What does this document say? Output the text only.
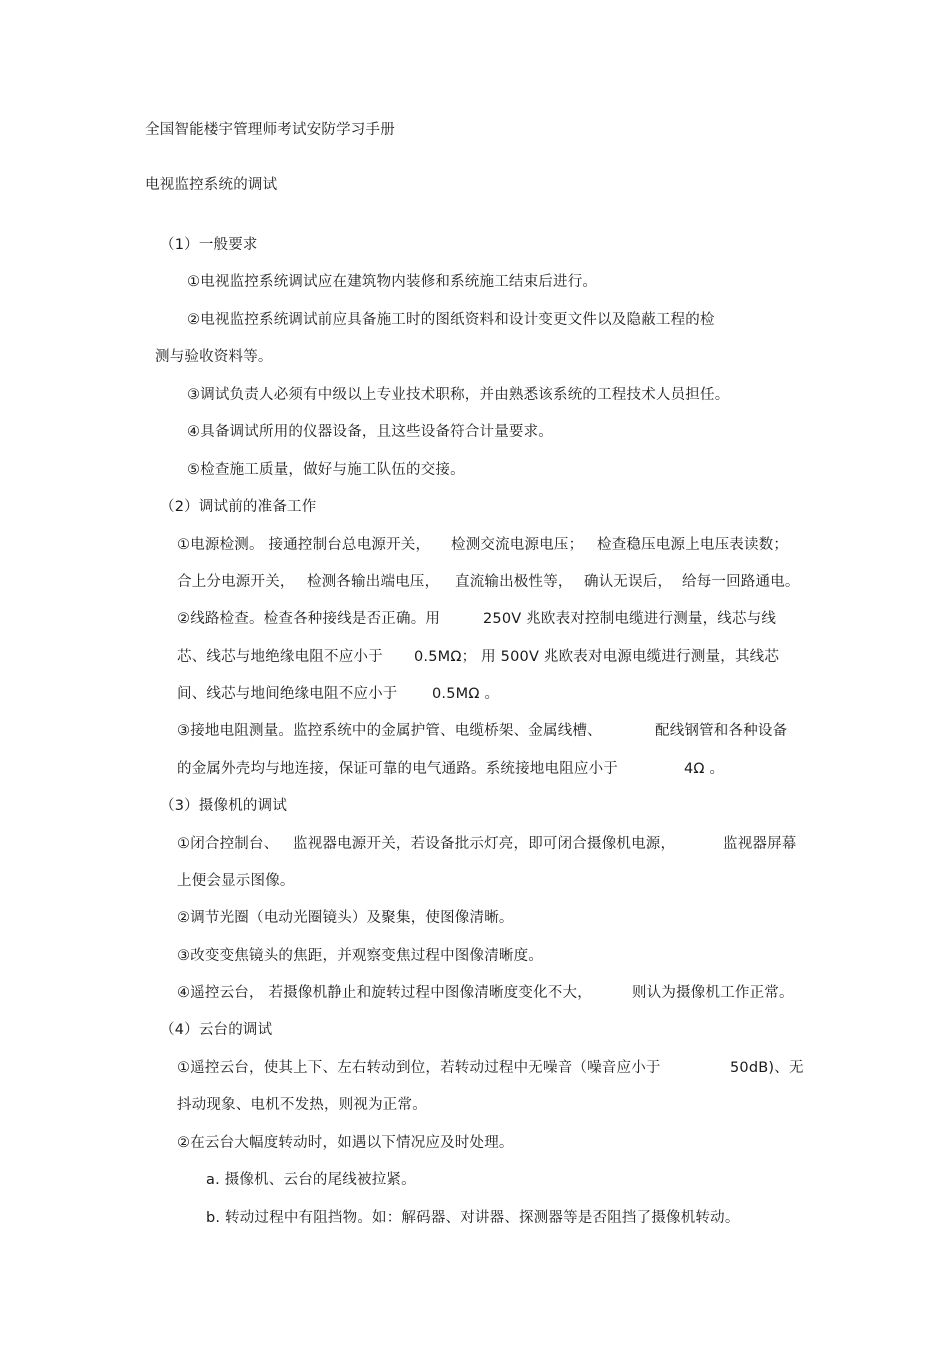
全国智能楼宇管理师考试安防学习手册
电视监控系统的调试
（1）一般要求
①电视监控系统调试应在建筑物内装修和系统施工结束后进行。
②电视监控系统调试前应具备施工时的图纸资料和设计变更文件以及隐蔽工程的检
测与验收资料等。
③调试负责人必须有中级以上专业技术职称，并由熟悉该系统的工程技术人员担任。
④具备调试所用的仪器设备，且这些设备符合计量要求。
⑤检查施工质量，做好与施工队伍的交接。
（2）调试前的准备工作
①电源检测。 接通控制台总电源开关， 检测交流电源电压； 检查稳压电源上电压表读数；
合上分电源开关， 检测各输出端电压， 直流输出极性等， 确认无误后， 给每一回路通电。
②线路检查。检查各种接线是否正确。用	250V 兆欧表对控制电缆进行测量，线芯与线
芯、线芯与地绝缘电阻不应小于 0.5MΩ； 用 500V 兆欧表对电源电缆进行测量，其线芯
间、线芯与地间绝缘电阻不应小于 0.5MΩ 。
③接地电阻测量。监控系统中的金属护管、电缆桥架、金属线槽、	配线钢管和各种设备
的金属外壳均与地连接，保证可靠的电气通路。系统接地电阻应小于	4Ω 。
（3）摄像机的调试
①闭合控制台、 监视器电源开关，若设备批示灯亮，即可闭合摄像机电源，	监视器屏幕
上便会显示图像。
②调节光圈（电动光圈镜头）及聚集，使图像清晰。
③改变变焦镜头的焦距，并观察变焦过程中图像清晰度。
④遥控云台， 若摄像机静止和旋转过程中图像清晰度变化不大，	则认为摄像机工作正常。
（4）云台的调试
①遥控云台，使其上下、左右转动到位，若转动过程中无噪音（噪音应小于	50dB)、无
抖动现象、电机不发热，则视为正常。
②在云台大幅度转动时，如遇以下情况应及时处理。
a. 摄像机、云台的尾线被拉紧。
b. 转动过程中有阻挡物。如：解码器、对讲器、探测器等是否阻挡了摄像机转动。
